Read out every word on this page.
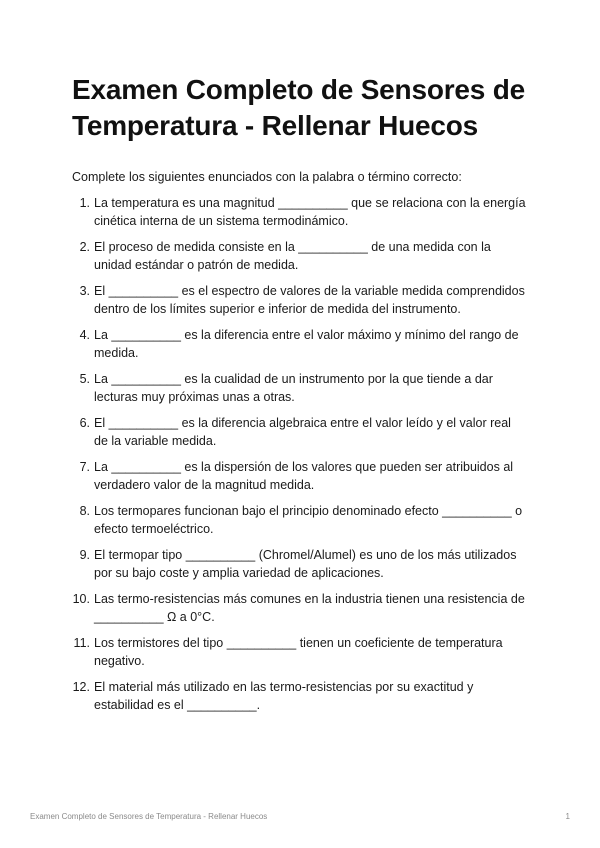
Examen Completo de Sensores de Temperatura - Rellenar Huecos
Complete los siguientes enunciados con la palabra o término correcto:
1. La temperatura es una magnitud __________ que se relaciona con la energía cinética interna de un sistema termodinámico.
2. El proceso de medida consiste en la __________ de una medida con la unidad estándar o patrón de medida.
3. El __________ es el espectro de valores de la variable medida comprendidos dentro de los límites superior e inferior de medida del instrumento.
4. La __________ es la diferencia entre el valor máximo y mínimo del rango de medida.
5. La __________ es la cualidad de un instrumento por la que tiende a dar lecturas muy próximas unas a otras.
6. El __________ es la diferencia algebraica entre el valor leído y el valor real de la variable medida.
7. La __________ es la dispersión de los valores que pueden ser atribuidos al verdadero valor de la magnitud medida.
8. Los termopares funcionan bajo el principio denominado efecto __________ o efecto termoeléctrico.
9. El termopar tipo __________ (Chromel/Alumel) es uno de los más utilizados por su bajo coste y amplia variedad de aplicaciones.
10. Las termo-resistencias más comunes en la industria tienen una resistencia de __________ Ω a 0°C.
11. Los termistores del tipo __________ tienen un coeficiente de temperatura negativo.
12. El material más utilizado en las termo-resistencias por su exactitud y estabilidad es el __________.
Examen Completo de Sensores de Temperatura - Rellenar Huecos	1
